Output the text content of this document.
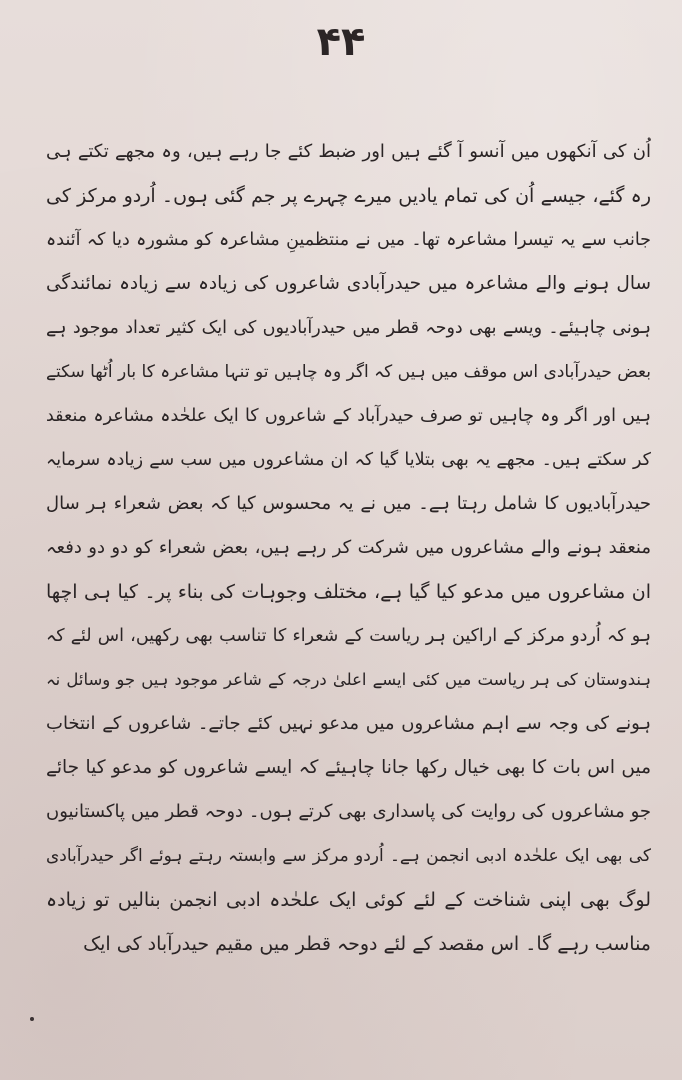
۴۴
اُن کی آنکھوں میں آنسو آ گئے ہیں اور ضبط کئے جا رہے ہیں، وہ مجھے تکتے ہی
رہ گئے، جیسے اُن کی تمام یادیں میرے چہرے پر جم گئی ہوں۔ اُردو مرکز کی
جانب سے یہ تیسرا مشاعرہ تھا۔ میں نے منتظمینِ مشاعرہ کو مشورہ دیا کہ آئندہ
سال ہونے والے مشاعرہ میں حیدرآبادی شاعروں کی زیادہ سے زیادہ نمائندگی
ہونی چاہیئے۔ ویسے بھی دوحہ قطر میں حیدرآبادیوں کی ایک کثیر تعداد موجود ہے
بعض حیدرآبادی اس موقف میں ہیں کہ اگر وہ چاہیں تو تنہا مشاعرہ کا بار اُٹھا سکتے
ہیں اور اگر وہ چاہیں تو صرف حیدرآباد کے شاعروں کا ایک علحٰدہ مشاعرہ منعقد
کر سکتے ہیں۔ مجھے یہ بھی بتلایا گیا کہ ان مشاعروں میں سب سے زیادہ سرمایہ
حیدرآبادیوں کا شامل رہتا ہے۔ میں نے یہ محسوس کیا کہ بعض شعراء ہر سال
منعقد ہونے والے مشاعروں میں شرکت کر رہے ہیں، بعض شعراء کو دو دو دفعہ
ان مشاعروں میں مدعو کیا گیا ہے، مختلف وجوہات کی بناء پر۔ کیا ہی اچھا
ہو کہ اُردو مرکز کے اراکین ہر ریاست کے شعراء کا تناسب بھی رکھیں، اس لئے کہ
ہندوستان کی ہر ریاست میں کئی ایسے اعلیٰ درجہ کے شاعر موجود ہیں جو وسائل نہ
ہونے کی وجہ سے اہم مشاعروں میں مدعو نہیں کئے جاتے۔ شاعروں کے انتخاب
میں اس بات کا بھی خیال رکھا جانا چاہیئے کہ ایسے شاعروں کو مدعو کیا جائے
جو مشاعروں کی روایت کی پاسداری بھی کرتے ہوں۔ دوحہ قطر میں پاکستانیوں
کی بھی ایک علحٰدہ ادبی انجمن ہے۔ اُردو مرکز سے وابستہ رہتے ہوئے اگر حیدرآبادی
لوگ بھی اپنی شناخت کے لئے کوئی ایک علحٰدہ ادبی انجمن بنالیں تو زیادہ
مناسب رہے گا۔ اس مقصد کے لئے دوحہ قطر میں مقیم حیدرآباد کی ایک
